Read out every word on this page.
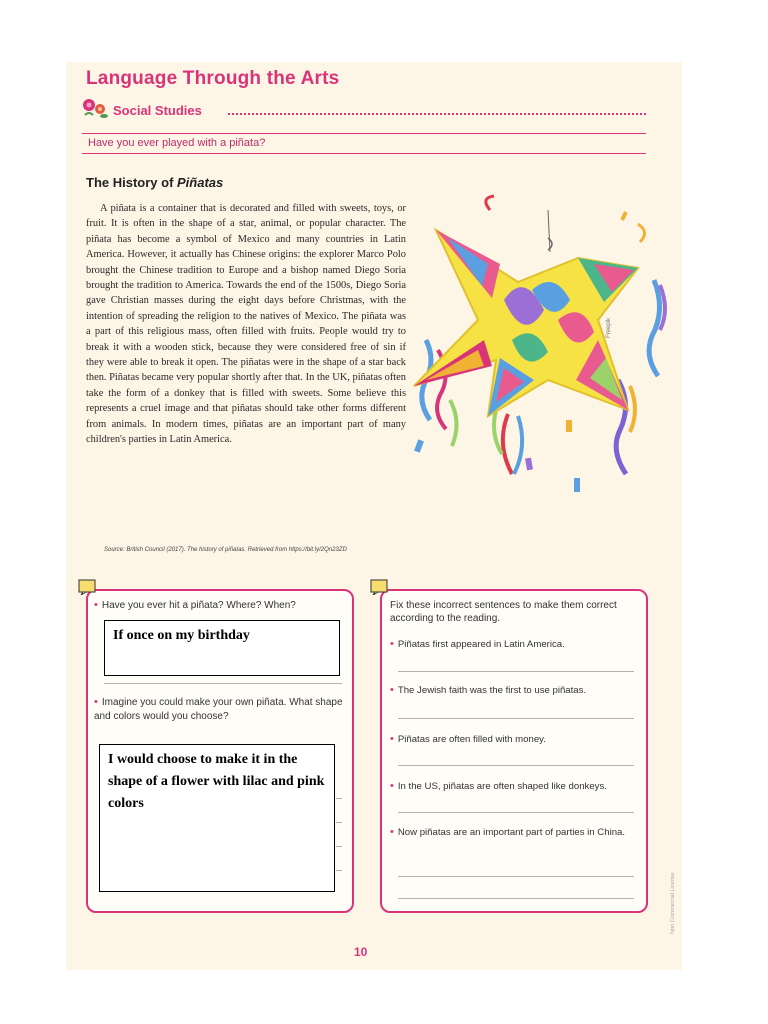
Language Through the Arts
Social Studies
Have you ever played with a piñata?
The History of Piñatas

A piñata is a container that is decorated and filled with sweets, toys, or fruit. It is often in the shape of a star, animal, or popular character. The piñata has become a symbol of Mexico and many countries in Latin America. However, it actually has Chinese origins: the explorer Marco Polo brought the Chinese tradition to Europe and a bishop named Diego Soria brought the tradition to America. Towards the end of the 1500s, Diego Soria gave Christian masses during the eight days before Christmas, with the intention of spreading the religion to the natives of Mexico. The piñata was a part of this religious mass, often filled with fruits. People would try to break it with a wooden stick, because they were considered free of sin if they were able to break it open. The piñatas were in the shape of a star back then. Piñatas became very popular shortly after that. In the UK, piñatas often take the form of a donkey that is filled with sweets. Some believe this represents a cruel image and that piñatas should take other forms different from animals. In modern times, piñatas are an important part of many children's parties in Latin America.

Source: British Council (2017). The history of piñatas. Retrieved from https://bit.ly/2Qn23ZD
Freepik
• Have you ever hit a piñata? Where? When?
If once on my birthday
• Imagine you could make your own piñata. What shape and colors would you choose?
I would choose to make it in the shape of a flower with lilac and pink colors
Fix these incorrect sentences to make them correct according to the reading.
• Piñatas first appeared in Latin America.
• The Jewish faith was the first to use piñatas.
• Piñatas are often filled with money.
• In the US, piñatas are often shaped like donkeys.
• Now piñatas are an important part of parties in China.
10
Non Commercial License
